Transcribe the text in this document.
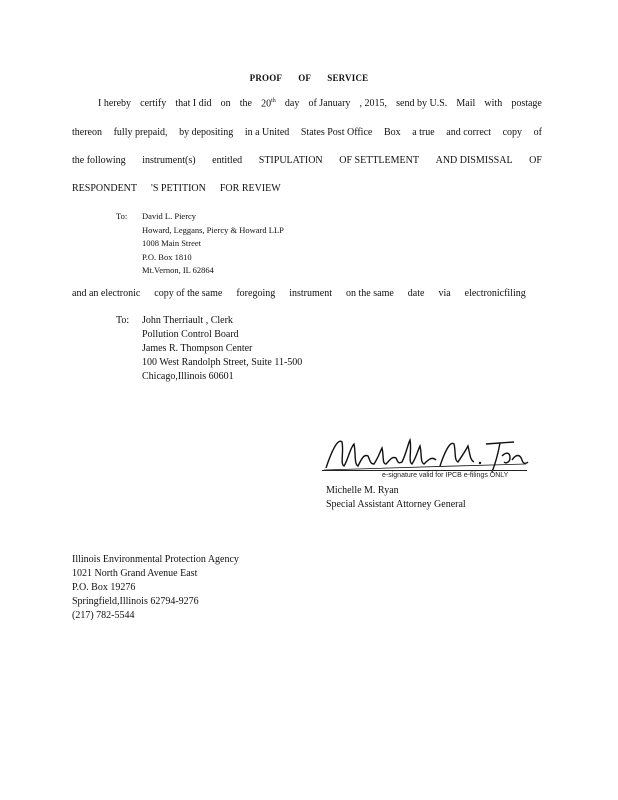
PROOF OF SERVICE
I hereby certify that I did on the 20th day of January , 2015, send by U.S. Mail with postage
thereon fully prepaid, by depositing in a United States Post Office Box a true and correct copy of
the following instrument(s) entitled STIPULATION OF SETTLEMENT AND DISMISSAL OF
RESPONDENT 'S PETITION FOR REVIEW
To: David L. Piercy
Howard, Leggans, Piercy & Howard LLP
1008 Main Street
P.O. Box 1810
Mt.Vernon, IL 62864
and an electronic copy of the same foregoing instrument on the same date via electronicfiling
To: John Therriault , Clerk
Pollution Control Board
James R. Thompson Center
100 West Randolph Street, Suite 11-500
Chicago,Illinois 60601
e-signature valid for IPCB e-filings ONLY
Michelle M. Ryan
Special Assistant Attorney General
Illinois Environmental Protection Agency
1021 North Grand Avenue East
P.O. Box 19276
Springfield,Illinois 62794-9276
(217) 782-5544
